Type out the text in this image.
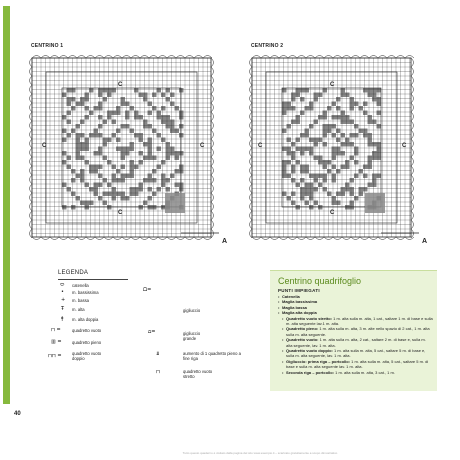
CENTRINO 1	CENTRINO 2
A	A
C
C	C
C
C
C	C
C
LEGENDA
⬭ catenella
• m. bassissima
+ m. bassa
Ŧ m. alta
ǂ m. alta doppia
⊓ =	quadretto vuoto
▥ = quadretto pieno
⊓⊓ = quadretto vuoto doppio
ᗝ=
gigliuccio
⩍=	gigliuccio grande
⫫	aumento di 1 quadretto pieno a fine riga
⊓	quadretto vuoto stretto
Centrino quadrifoglio
PUNTI IMPIEGATI
• Catenella
• Maglia bassissima
• Maglia bassa
• Maglia alta doppia
• Quadretto vuoto stretto: 1 m. alta sulla m. alta, 1 cat., saltare 1 m. di base e sulla m. alta seguente lav.1 m. alta.
• Quadretto pieno: 1 m. alta sulla m. alta, 3 m. alte nello spazio di 2 cat., 1 m. alta sulla m. alta seguente.
• Quadretto vuoto: 1 m. alta sulla m. alta, 2 cat., saltare 2 m. di base e, sulla m. alta seguente, lav. 1 m. alta.
• Quadretto vuoto doppio: 1 m. alta sulla m. alta, 5 cat., saltare 5 m. di base e, sulla m. alta seguente, lav. 1 m. alta.
• Gigliuccio: prima riga – portcollo: 1 m. alta sulla m. alta, 5 cat., saltare 5 m. di base e sulla m. alta seguente lav. 1 m. alta.
• Seconda riga – portcollo: 1 m. alta sulla m. alta, 3 cat., 1 m.
40
Tutto questo quaderno è visitato dalla pagina del sito www.esempio.it – scaricato gratuitamente a scopo dimostrativo
